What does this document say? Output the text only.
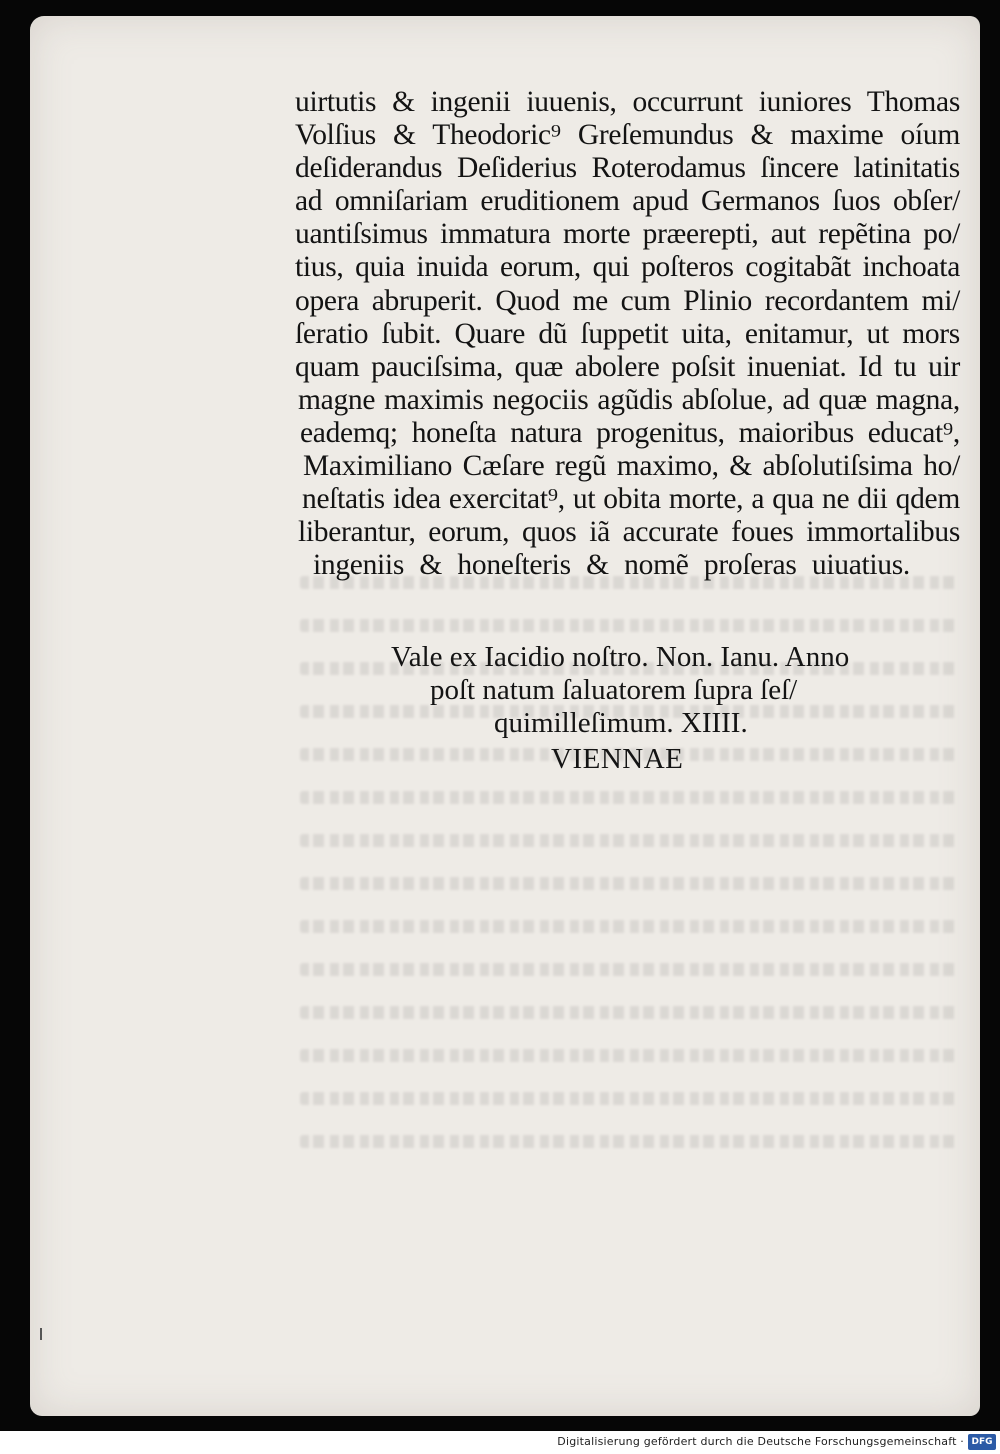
uirtutis & ingenii iuuenis, occurrunt iuniores Thomas
Volſius & Theodoric⁹ Greſemundus & maxime oíum
deſiderandus Deſiderius Roterodamus ſincere latinitatis
ad omniſariam eruditionem apud Germanos ſuos obſer/
uantiſsimus immatura morte præerepti, aut repẽtina po/
tius, quia inuida eorum, qui poſteros cogitabãt inchoata
opera abruperit. Quod me cum Plinio recordantem mi/
ſeratio ſubit. Quare dũ ſuppetit uita, enitamur, ut mors
quam pauciſsima, quæ abolere poſsit inueniat. Id tu uir
magne maximis negociis agũdis abſolue, ad quæ magna,
eademq; honeſta natura progenitus, maioribus educat⁹,
Maximiliano Cæſare regũ maximo, & abſolutiſsima ho/
neſtatis idea exercitat⁹, ut obita morte, a qua ne dii qdem
liberantur, eorum, quos iã accurate foues immortalibus
ingeniis & honeſteris & nomẽ proſeras uiuatius.
Vale ex Iacidio noſtro. Non. Ianu. Anno
poſt natum ſaluatorem ſupra ſeſ/
quimilleſimum. XIIII.
VIENNAE
Digitalisierung gefördert durch die Deutsche Forschungsgemeinschaft · DFG
